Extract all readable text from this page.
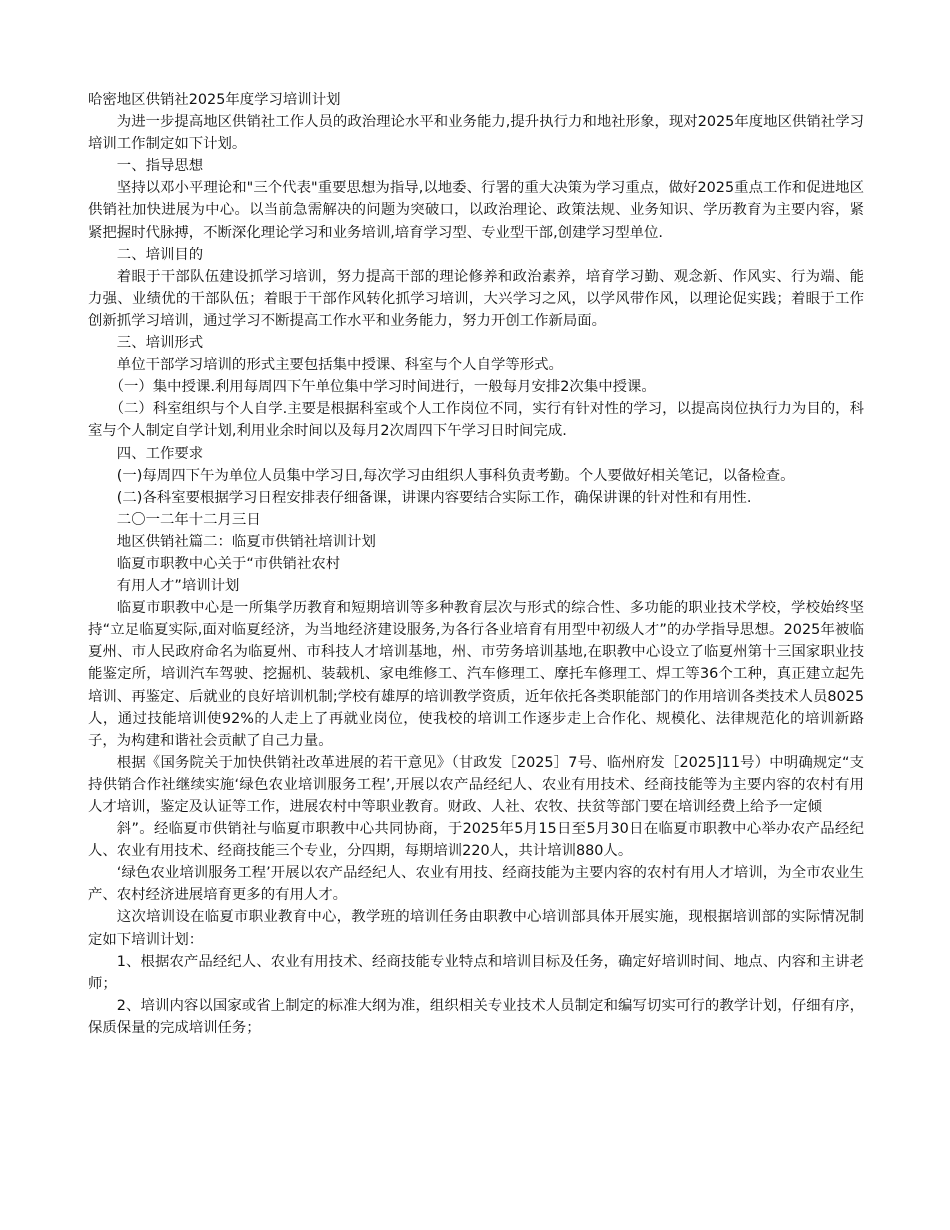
哈密地区供销社2025年度学习培训计划

为进一步提高地区供销社工作人员的政治理论水平和业务能力,提升执行力和地社形象，现对2025年度地区供销社学习培训工作制定如下计划。

一、指导思想

坚持以邓小平理论和"三个代表"重要思想为指导,以地委、行署的重大决策为学习重点，做好2025重点工作和促进地区供销社加快进展为中心。以当前急需解决的问题为突破口，以政治理论、政策法规、业务知识、学历教育为主要内容，紧紧把握时代脉搏，不断深化理论学习和业务培训,培育学习型、专业型干部,创建学习型单位.

二、培训目的

着眼于干部队伍建设抓学习培训，努力提高干部的理论修养和政治素养，培育学习勤、观念新、作风实、行为端、能力强、业绩优的干部队伍；着眼于干部作风转化抓学习培训，大兴学习之风，以学风带作风，以理论促实践；着眼于工作创新抓学习培训，通过学习不断提高工作水平和业务能力，努力开创工作新局面。

三、培训形式

单位干部学习培训的形式主要包括集中授课、科室与个人自学等形式。

（一）集中授课.利用每周四下午单位集中学习时间进行，一般每月安排2次集中授课。

（二）科室组织与个人自学.主要是根据科室或个人工作岗位不同，实行有针对性的学习，以提高岗位执行力为目的，科室与个人制定自学计划,利用业余时间以及每月2次周四下午学习日时间完成.

四、工作要求

(一)每周四下午为单位人员集中学习日,每次学习由组织人事科负责考勤。个人要做好相关笔记，以备检查。

(二)各科室要根据学习日程安排表仔细备课，讲课内容要结合实际工作，确保讲课的针对性和有用性.

二〇一二年十二月三日

地区供销社篇二：临夏市供销社培训计划

临夏市职教中心关于“市供销社农村

有用人才”培训计划

临夏市职教中心是一所集学历教育和短期培训等多种教育层次与形式的综合性、多功能的职业技术学校，学校始终坚持“立足临夏实际,面对临夏经济，为当地经济建设服务,为各行各业培育有用型中初级人才”的办学指导思想。2025年被临夏州、市人民政府命名为临夏州、市科技人才培训基地，州、市劳务培训基地,在职教中心设立了临夏州第十三国家职业技能鉴定所，培训汽车驾驶、挖掘机、装载机、家电维修工、汽车修理工、摩托车修理工、焊工等36个工种，真正建立起先培训、再鉴定、后就业的良好培训机制;学校有雄厚的培训教学资质，近年依托各类职能部门的作用培训各类技术人员8025人，通过技能培训使92%的人走上了再就业岗位，使我校的培训工作逐步走上合作化、规模化、法律规范化的培训新路子，为构建和谐社会贡献了自己力量。

根据《国务院关于加快供销社改革进展的若干意见》（甘政发［2025］7号、临州府发［2025]11号）中明确规定“支持供销合作社继续实施‘绿色农业培训服务工程’,开展以农产品经纪人、农业有用技术、经商技能等为主要内容的农村有用人才培训，鉴定及认证等工作，进展农村中等职业教育。财政、人社、农牧、扶贫等部门要在培训经费上给予一定倾

斜”。经临夏市供销社与临夏市职教中心共同协商，于2025年5月15日至5月30日在临夏市职教中心举办农产品经纪人、农业有用技术、经商技能三个专业，分四期，每期培训220人，共计培训880人。

‘绿色农业培训服务工程’开展以农产品经纪人、农业有用技、经商技能为主要内容的农村有用人才培训，为全市农业生产、农村经济进展培育更多的有用人才。

这次培训设在临夏市职业教育中心，教学班的培训任务由职教中心培训部具体开展实施，现根据培训部的实际情况制定如下培训计划：

1、根据农产品经纪人、农业有用技术、经商技能专业特点和培训目标及任务，确定好培训时间、地点、内容和主讲老师；

2、培训内容以国家或省上制定的标准大纲为准，组织相关专业技术人员制定和编写切实可行的教学计划，仔细有序，保质保量的完成培训任务；
